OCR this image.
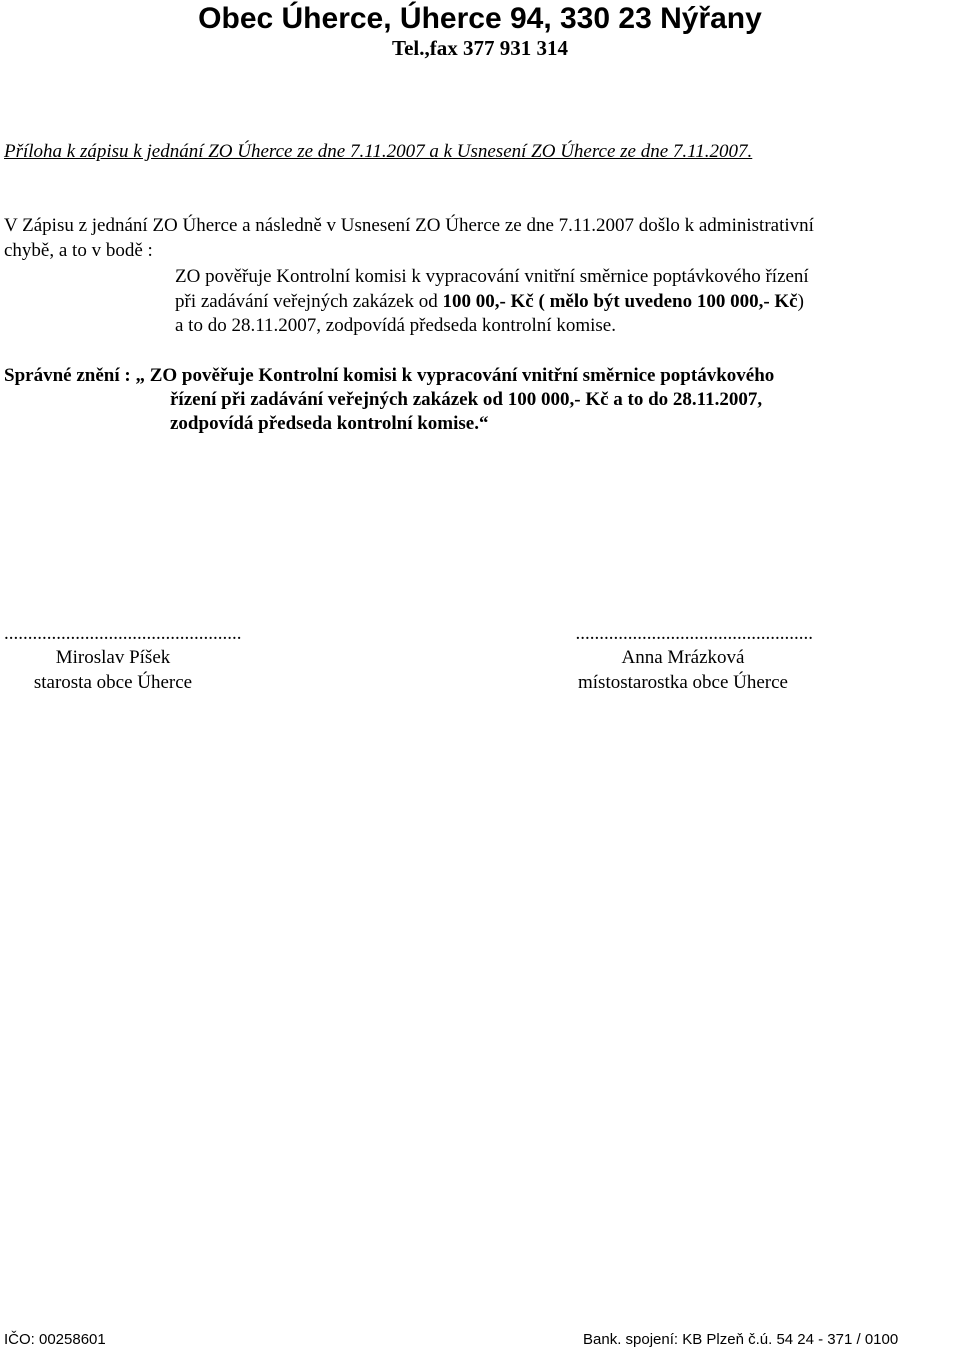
Obec Úherce, Úherce 94, 330 23 Nýřany
Tel.,fax 377 931 314
Příloha k zápisu k jednání ZO Úherce ze dne 7.11.2007 a k Usnesení ZO Úherce ze dne 7.11.2007.
V Zápisu z jednání ZO Úherce a následně v Usnesení ZO Úherce ze dne 7.11.2007 došlo k administrativní
chybě, a to v bodě :
ZO pověřuje Kontrolní komisi k vypracování vnitřní směrnice poptávkového řízení
při zadávání veřejných zakázek od 100 00,- Kč ( mělo být uvedeno 100 000,- Kč)
a to do 28.11.2007, zodpovídá předseda kontrolní komise.
Správné znění : „ ZO pověřuje Kontrolní komisi k vypracování vnitřní směrnice poptávkového
řízení při zadávání veřejných zakázek od 100 000,- Kč a to do 28.11.2007,
zodpovídá předseda kontrolní komise.“
..................................................
Miroslav Píšek
starosta obce Úherce
..................................................
Anna Mrázková
místostarostka obce Úherce
IČO: 00258601	Bank. spojení: KB Plzeň č.ú. 54 24 - 371 / 0100
